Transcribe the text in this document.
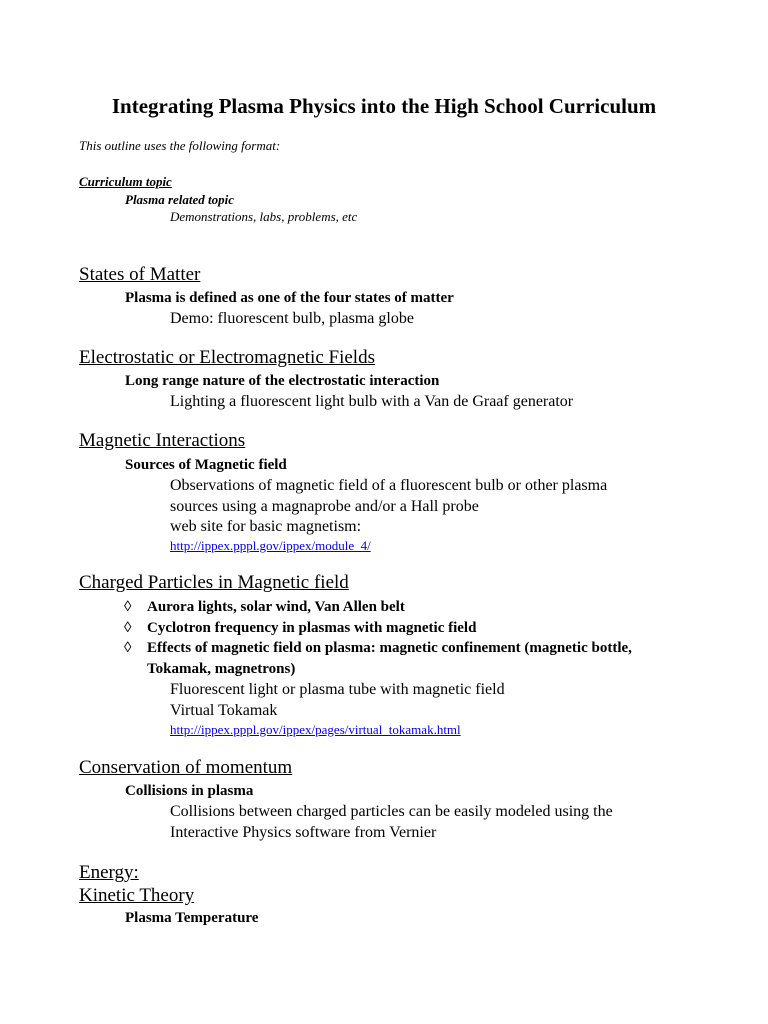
Integrating Plasma Physics into the High School Curriculum
This outline uses the following format:
Curriculum topic
Plasma related topic
Demonstrations, labs, problems, etc
States of Matter
Plasma is defined as one of the four states of matter
Demo: fluorescent bulb, plasma globe
Electrostatic or Electromagnetic Fields
Long range nature of the electrostatic interaction
Lighting a fluorescent light bulb with a Van de Graaf generator
Magnetic Interactions
Sources of Magnetic field
Observations of magnetic field of a fluorescent bulb or other plasma
sources using a magnaprobe and/or a Hall probe
web site for basic magnetism:
http://ippex.pppl.gov/ippex/module_4/
Charged Particles in Magnetic field
◊ Aurora lights, solar wind, Van Allen belt
◊ Cyclotron frequency in plasmas with magnetic field
◊ Effects of magnetic field on plasma: magnetic confinement (magnetic bottle, Tokamak, magnetrons)
Fluorescent light or plasma tube with magnetic field
Virtual Tokamak
http://ippex.pppl.gov/ippex/pages/virtual_tokamak.html
Conservation of momentum
Collisions in plasma
Collisions between charged particles can be easily modeled using the
Interactive Physics software from Vernier
Energy:
Kinetic Theory
Plasma Temperature
